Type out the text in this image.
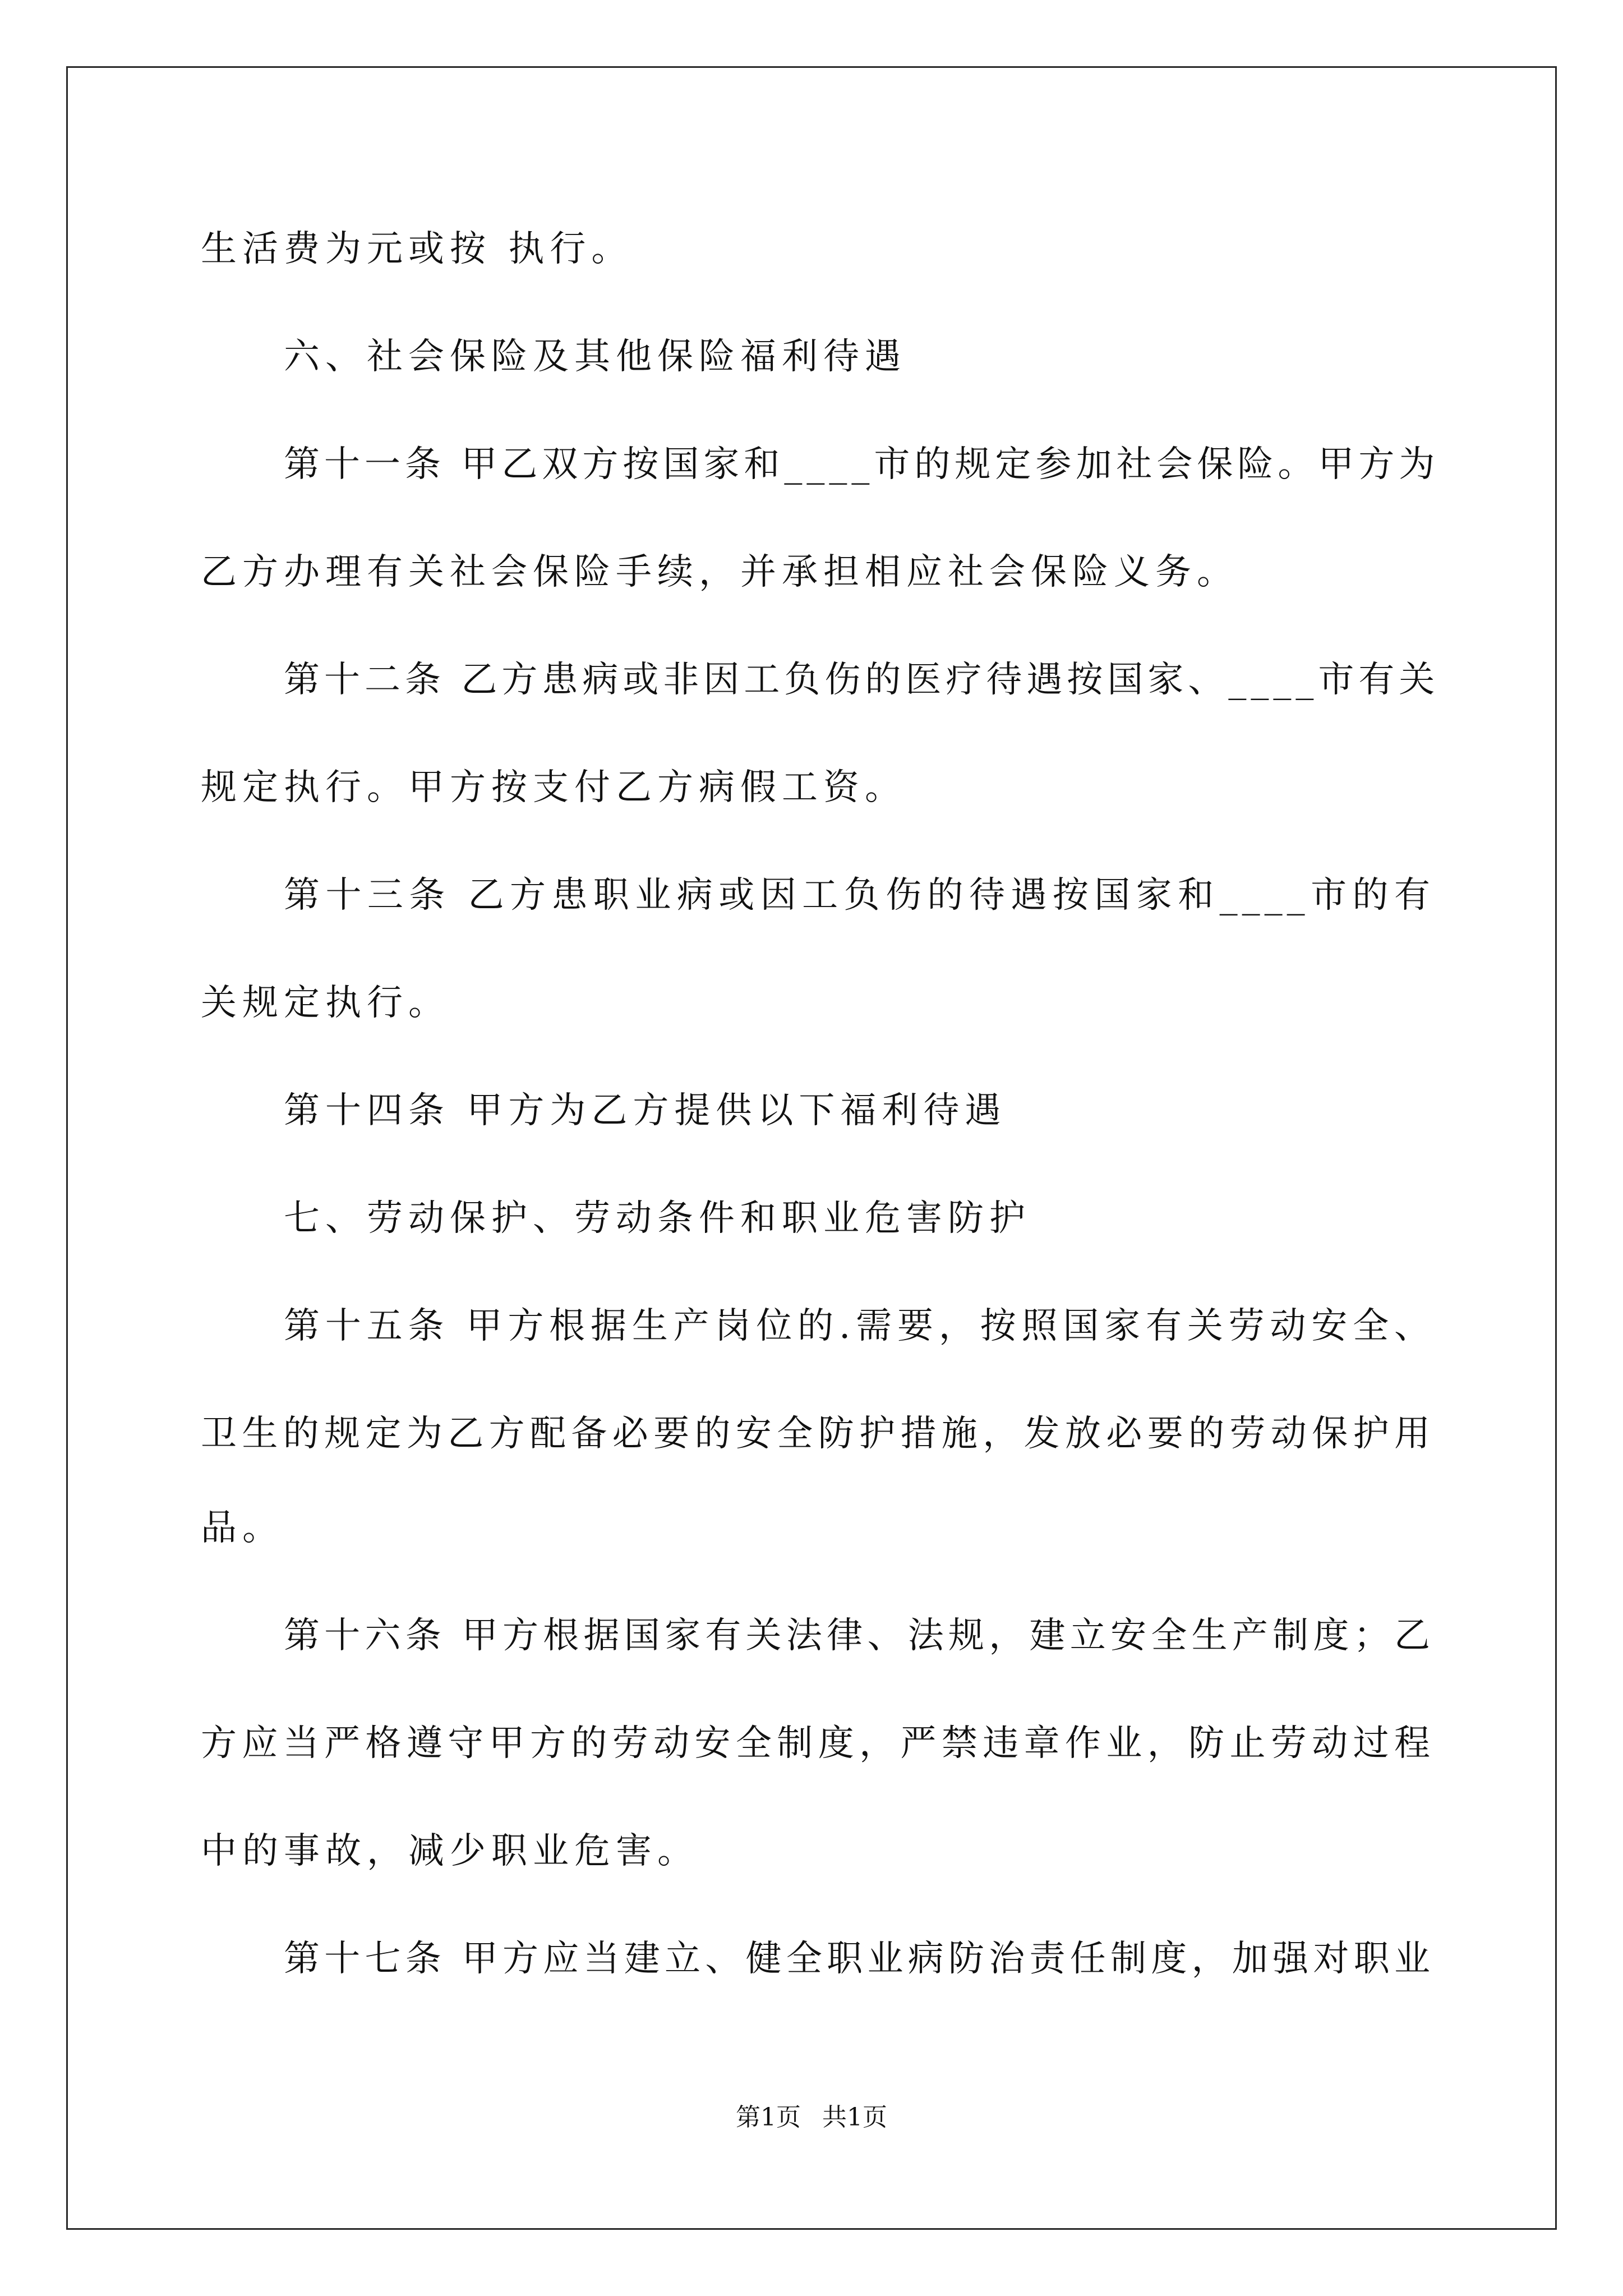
生活费为元或按 执行。
六、社会保险及其他保险福利待遇
第十一条 甲乙双方按国家和____市的规定参加社会保险。甲方为
乙方办理有关社会保险手续，并承担相应社会保险义务。
第十二条 乙方患病或非因工负伤的医疗待遇按国家、____市有关
规定执行。甲方按支付乙方病假工资。
第十三条 乙方患职业病或因工负伤的待遇按国家和____市的有
关规定执行。
第十四条 甲方为乙方提供以下福利待遇
七、劳动保护、劳动条件和职业危害防护
第十五条 甲方根据生产岗位的.需要，按照国家有关劳动安全、
卫生的规定为乙方配备必要的安全防护措施，发放必要的劳动保护用
品。
第十六条 甲方根据国家有关法律、法规，建立安全生产制度；乙
方应当严格遵守甲方的劳动安全制度，严禁违章作业，防止劳动过程
中的事故，减少职业危害。
第十七条 甲方应当建立、健全职业病防治责任制度，加强对职业
第1页 共1页
